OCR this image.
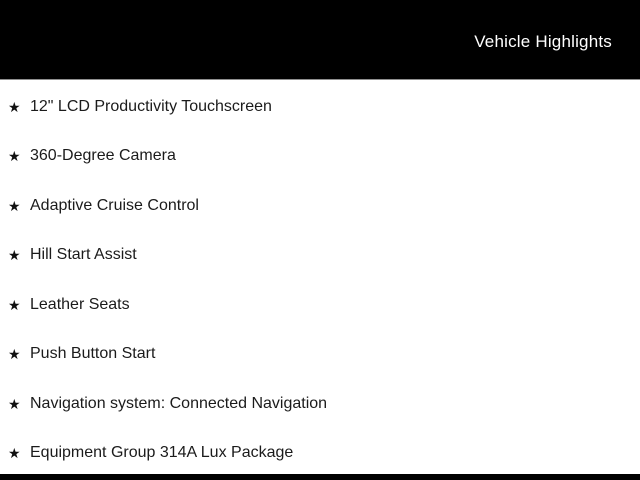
Vehicle Highlights
★ 12" LCD Productivity Touchscreen
★ 360-Degree Camera
★ Adaptive Cruise Control
★ Hill Start Assist
★ Leather Seats
★ Push Button Start
★ Navigation system: Connected Navigation
★ Equipment Group 314A Lux Package
